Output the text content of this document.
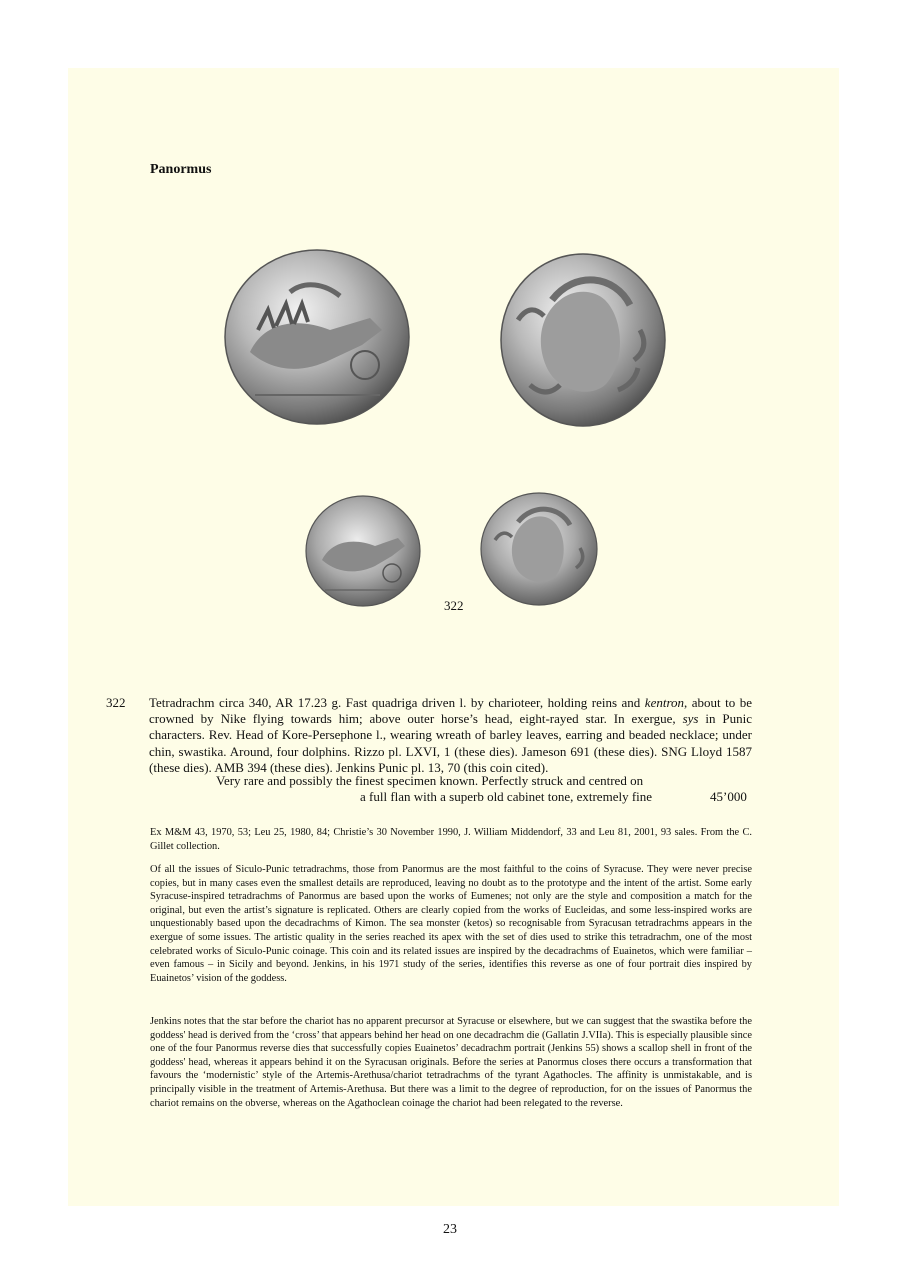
Panormus
322
322 Tetradrachm circa 340, AR 17.23 g. Fast quadriga driven l. by charioteer, holding reins and kentron, about to be crowned by Nike flying towards him; above outer horse’s head, eight-rayed star. In exergue, sys in Punic characters. Rev. Head of Kore-Persephone l., wearing wreath of barley leaves, earring and beaded necklace; under chin, swastika. Around, four dolphins. Rizzo pl. LXVI, 1 (these dies). Jameson 691 (these dies). SNG Lloyd 1587 (these dies). AMB 394 (these dies). Jenkins Punic pl. 13, 70 (this coin cited).
Very rare and possibly the finest specimen known. Perfectly struck and centred on
a full flan with a superb old cabinet tone, extremely fine	45’000
Ex M&M 43, 1970, 53; Leu 25, 1980, 84; Christie’s 30 November 1990, J. William Middendorf, 33 and Leu 81, 2001, 93 sales. From the C. Gillet collection.
Of all the issues of Siculo-Punic tetradrachms, those from Panormus are the most faithful to the coins of Syracuse. They were never precise copies, but in many cases even the smallest details are reproduced, leaving no doubt as to the prototype and the intent of the artist. Some early Syracuse-inspired tetradrachms of Panormus are based upon the works of Eumenes; not only are the style and composition a match for the original, but even the artist’s signature is replicated. Others are clearly copied from the works of Eucleidas, and some less-inspired works are unquestionably based upon the decadrachms of Kimon. The sea monster (ketos) so recognisable from Syracusan tetradrachms appears in the exergue of some issues. The artistic quality in the series reached its apex with the set of dies used to strike this tetradrachm, one of the most celebrated works of Siculo-Punic coinage. This coin and its related issues are inspired by the decadrachms of Euainetos, which were familiar – even famous – in Sicily and beyond. Jenkins, in his 1971 study of the series, identifies this reverse as one of four portrait dies inspired by Euainetos’ vision of the goddess.
Jenkins notes that the star before the chariot has no apparent precursor at Syracuse or elsewhere, but we can suggest that the swastika before the goddess' head is derived from the ‘cross’ that appears behind her head on one decadrachm die (Gallatin J.VIIa). This is especially plausible since one of the four Panormus reverse dies that successfully copies Euainetos’ decadrachm portrait (Jenkins 55) shows a scallop shell in front of the goddess' head, whereas it appears behind it on the Syracusan originals. Before the series at Panormus closes there occurs a transformation that favours the ‘modernistic’ style of the Artemis-Arethusa/chariot tetradrachms of the tyrant Agathocles. The affinity is unmistakable, and is principally visible in the treatment of Artemis-Arethusa. But there was a limit to the degree of reproduction, for on the issues of Panormus the chariot remains on the obverse, whereas on the Agathoclean coinage the chariot had been relegated to the reverse.
23
